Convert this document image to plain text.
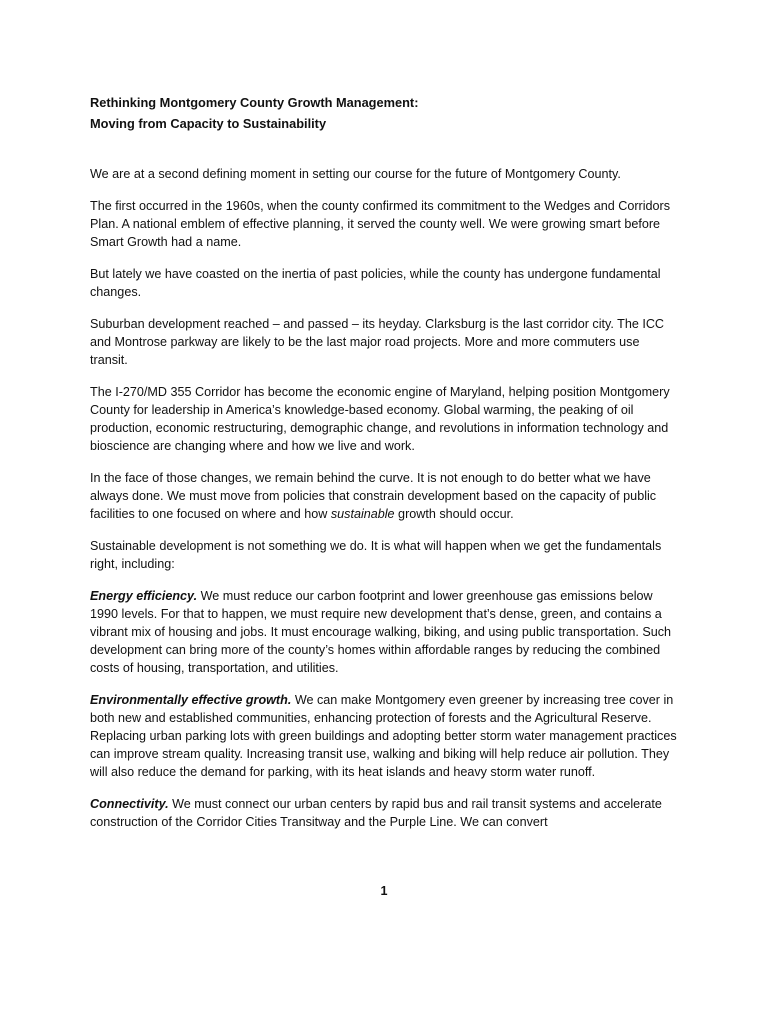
Rethinking Montgomery County Growth Management:
Moving from Capacity to Sustainability

We are at a second defining moment in setting our course for the future of Montgomery County.

The first occurred in the 1960s, when the county confirmed its commitment to the Wedges and Corridors Plan. A national emblem of effective planning, it served the county well. We were growing smart before Smart Growth had a name.

But lately we have coasted on the inertia of past policies, while the county has undergone fundamental changes.

Suburban development reached – and passed – its heyday. Clarksburg is the last corridor city. The ICC and Montrose parkway are likely to be the last major road projects. More and more commuters use transit.

The I-270/MD 355 Corridor has become the economic engine of Maryland, helping position Montgomery County for leadership in America’s knowledge-based economy. Global warming, the peaking of oil production, economic restructuring, demographic change, and revolutions in information technology and bioscience are changing where and how we live and work.

In the face of those changes, we remain behind the curve. It is not enough to do better what we have always done. We must move from policies that constrain development based on the capacity of public facilities to one focused on where and how sustainable growth should occur.

Sustainable development is not something we do. It is what will happen when we get the fundamentals right, including:

Energy efficiency. We must reduce our carbon footprint and lower greenhouse gas emissions below 1990 levels. For that to happen, we must require new development that’s dense, green, and contains a vibrant mix of housing and jobs. It must encourage walking, biking, and using public transportation. Such development can bring more of the county’s homes within affordable ranges by reducing the combined costs of housing, transportation, and utilities.

Environmentally effective growth. We can make Montgomery even greener by increasing tree cover in both new and established communities, enhancing protection of forests and the Agricultural Reserve. Replacing urban parking lots with green buildings and adopting better storm water management practices can improve stream quality. Increasing transit use, walking and biking will help reduce air pollution. They will also reduce the demand for parking, with its heat islands and heavy storm water runoff.

Connectivity. We must connect our urban centers by rapid bus and rail transit systems and accelerate construction of the Corridor Cities Transitway and the Purple Line. We can convert

1
